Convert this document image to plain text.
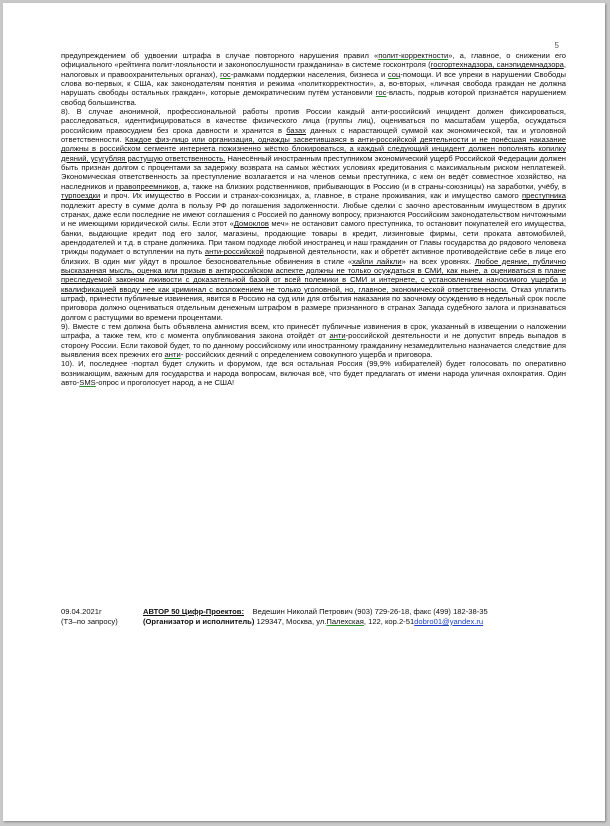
5

предупреждением об удвоении штрафа в случае повторного нарушения правил «полит-корректности», а, главное, о снижении его официального «рейтинга полит-лояльности и законопослушности гражданина» в системе госконтроля (госгортехнадзора, санэпидемнадзора, налоговых и правоохранительных органах), гос-рамками поддержки населения, бизнеса и соц-помощи. И все упреки в нарушении Свободы слова во-первых, к США, как законодателям понятия и режима «политкорректности», а, во-вторых, «личная свобода граждан не должна нарушать свободы остальных граждан», которые демократическим путём установили гос-власть, подрыв которой признаётся нарушением свобод большинства.

8). В случае анонимной, профессиональной работы против России каждый анти-российский инцидент должен фиксироваться, расследоваться, идентифицироваться в качестве физического лица (группы лиц), оцениваться по масштабам ущерба, осуждаться российским правосудием без срока давности и хранится в базах данных с нарастающей суммой как экономической, так и уголовной ответственности. Каждое физ-лицо или организация, однажды засветившаяся в анти-российской деятельности и не понёсшая наказание должны в российском сегменте интернета пожизненно жёстко блокироваться, а каждый следующий инцидент должен пополнять копилку деяний, усугубляя растущую ответственность. Нанесённый иностранным преступником экономический ущерб Российской Федерации должен быть признан долгом с процентами за задержку возврата на самых жёстких условиях кредитования с максимальным риском неплатежей. Экономическая ответственность за преступление возлагается и на членов семьи преступника, с кем он ведёт совместное хозяйство, на наследников и правопреемников, а, также на близких родственников, прибывающих в Россию (и в страны-союзницы) на заработки, учёбу, в турпоездки и проч. Их имущество в России и странах-союзницах, а, главное, в стране проживания, как и имущество самого преступника подлежит аресту в сумме долга в пользу РФ до погашения задолженности. Любые сделки с заочно арестованным имуществом в других странах, даже если последние не имеют соглашения с Россией по данному вопросу, признаются Российским законодательством ничтожными и не имеющими юридической силы. Если этот «Домоклов меч» не остановит самого преступника, то остановит покупателей его имущества, банки, выдающие кредит под его залог, магазины, продающие товары в кредит, лизинговые фирмы, сети проката автомобилей, арендодателей и т.д. в стране должника. При таком подходе любой иностранец и наш гражданин от Главы государства до рядового человека трижды подумает о вступлении на путь анти-российской подрывной деятельности, как и обретёт активное противодействие себе в лице его близких. В один миг уйдут в прошлое безосновательные обвинения в стиле «хайли лайкли» на всех уровнях. Любое деяние, публично высказанная мысль, оценка или призыв в антироссийском аспекте должны не только осуждаться в СМИ, как ныне, а оцениваться в плане преследуемой законом лживости с доказательной базой от всей полемики в СМИ и интернете, с установлением наносимого ущерба и квалификацией вводу нее как криминал с возложением не только уголовной, но, главное, экономической ответственности. Отказ уплатить штраф, принести публичные извинения, явится в Россию на суд или для отбытия наказания по заочному осуждению в недельный срок после приговора должно оцениваться отдельным денежным штрафом в размере признанного в странах Запада судебного залога и признаваться долгом с растущими во времени процентами.

9). Вместе с тем должна быть объявлена амнистия всем, кто принесёт публичные извинения в срок, указанный в извещении о наложении штрафа, а также тем, кто с момента опубликования закона отойдёт от анти-российской деятельности и не допустит впредь выпадов в сторону России. Если таковой будет, то по данному российскому или иностранному гражданину незамедлительно назначается следствие для выявления всех прежних его анти- российских деяний с определением совокупного ущерба и приговора.

10). И, последнее -портал будет служить и форумом, где вся остальная Россия (99,9% избирателей) будет голосовать по оперативно возникающим, важным для государства и народа вопросам, включая всё, что будет предлагать от имени народа уличная охлократия. Один авто-SMS-опрос и проголосует народ, а не США!

09.04.2021г	АВТОР 50 Цифр-Проектов:
Ведешин Николай Петрович (903) 729-26-18, факс (499) 182-38-35
(ТЗ–по запросу)	(Организатор и исполнитель)
129347, Москва, ул. Палехская , 122, кор.2-51 dobro01@yandex.ru
